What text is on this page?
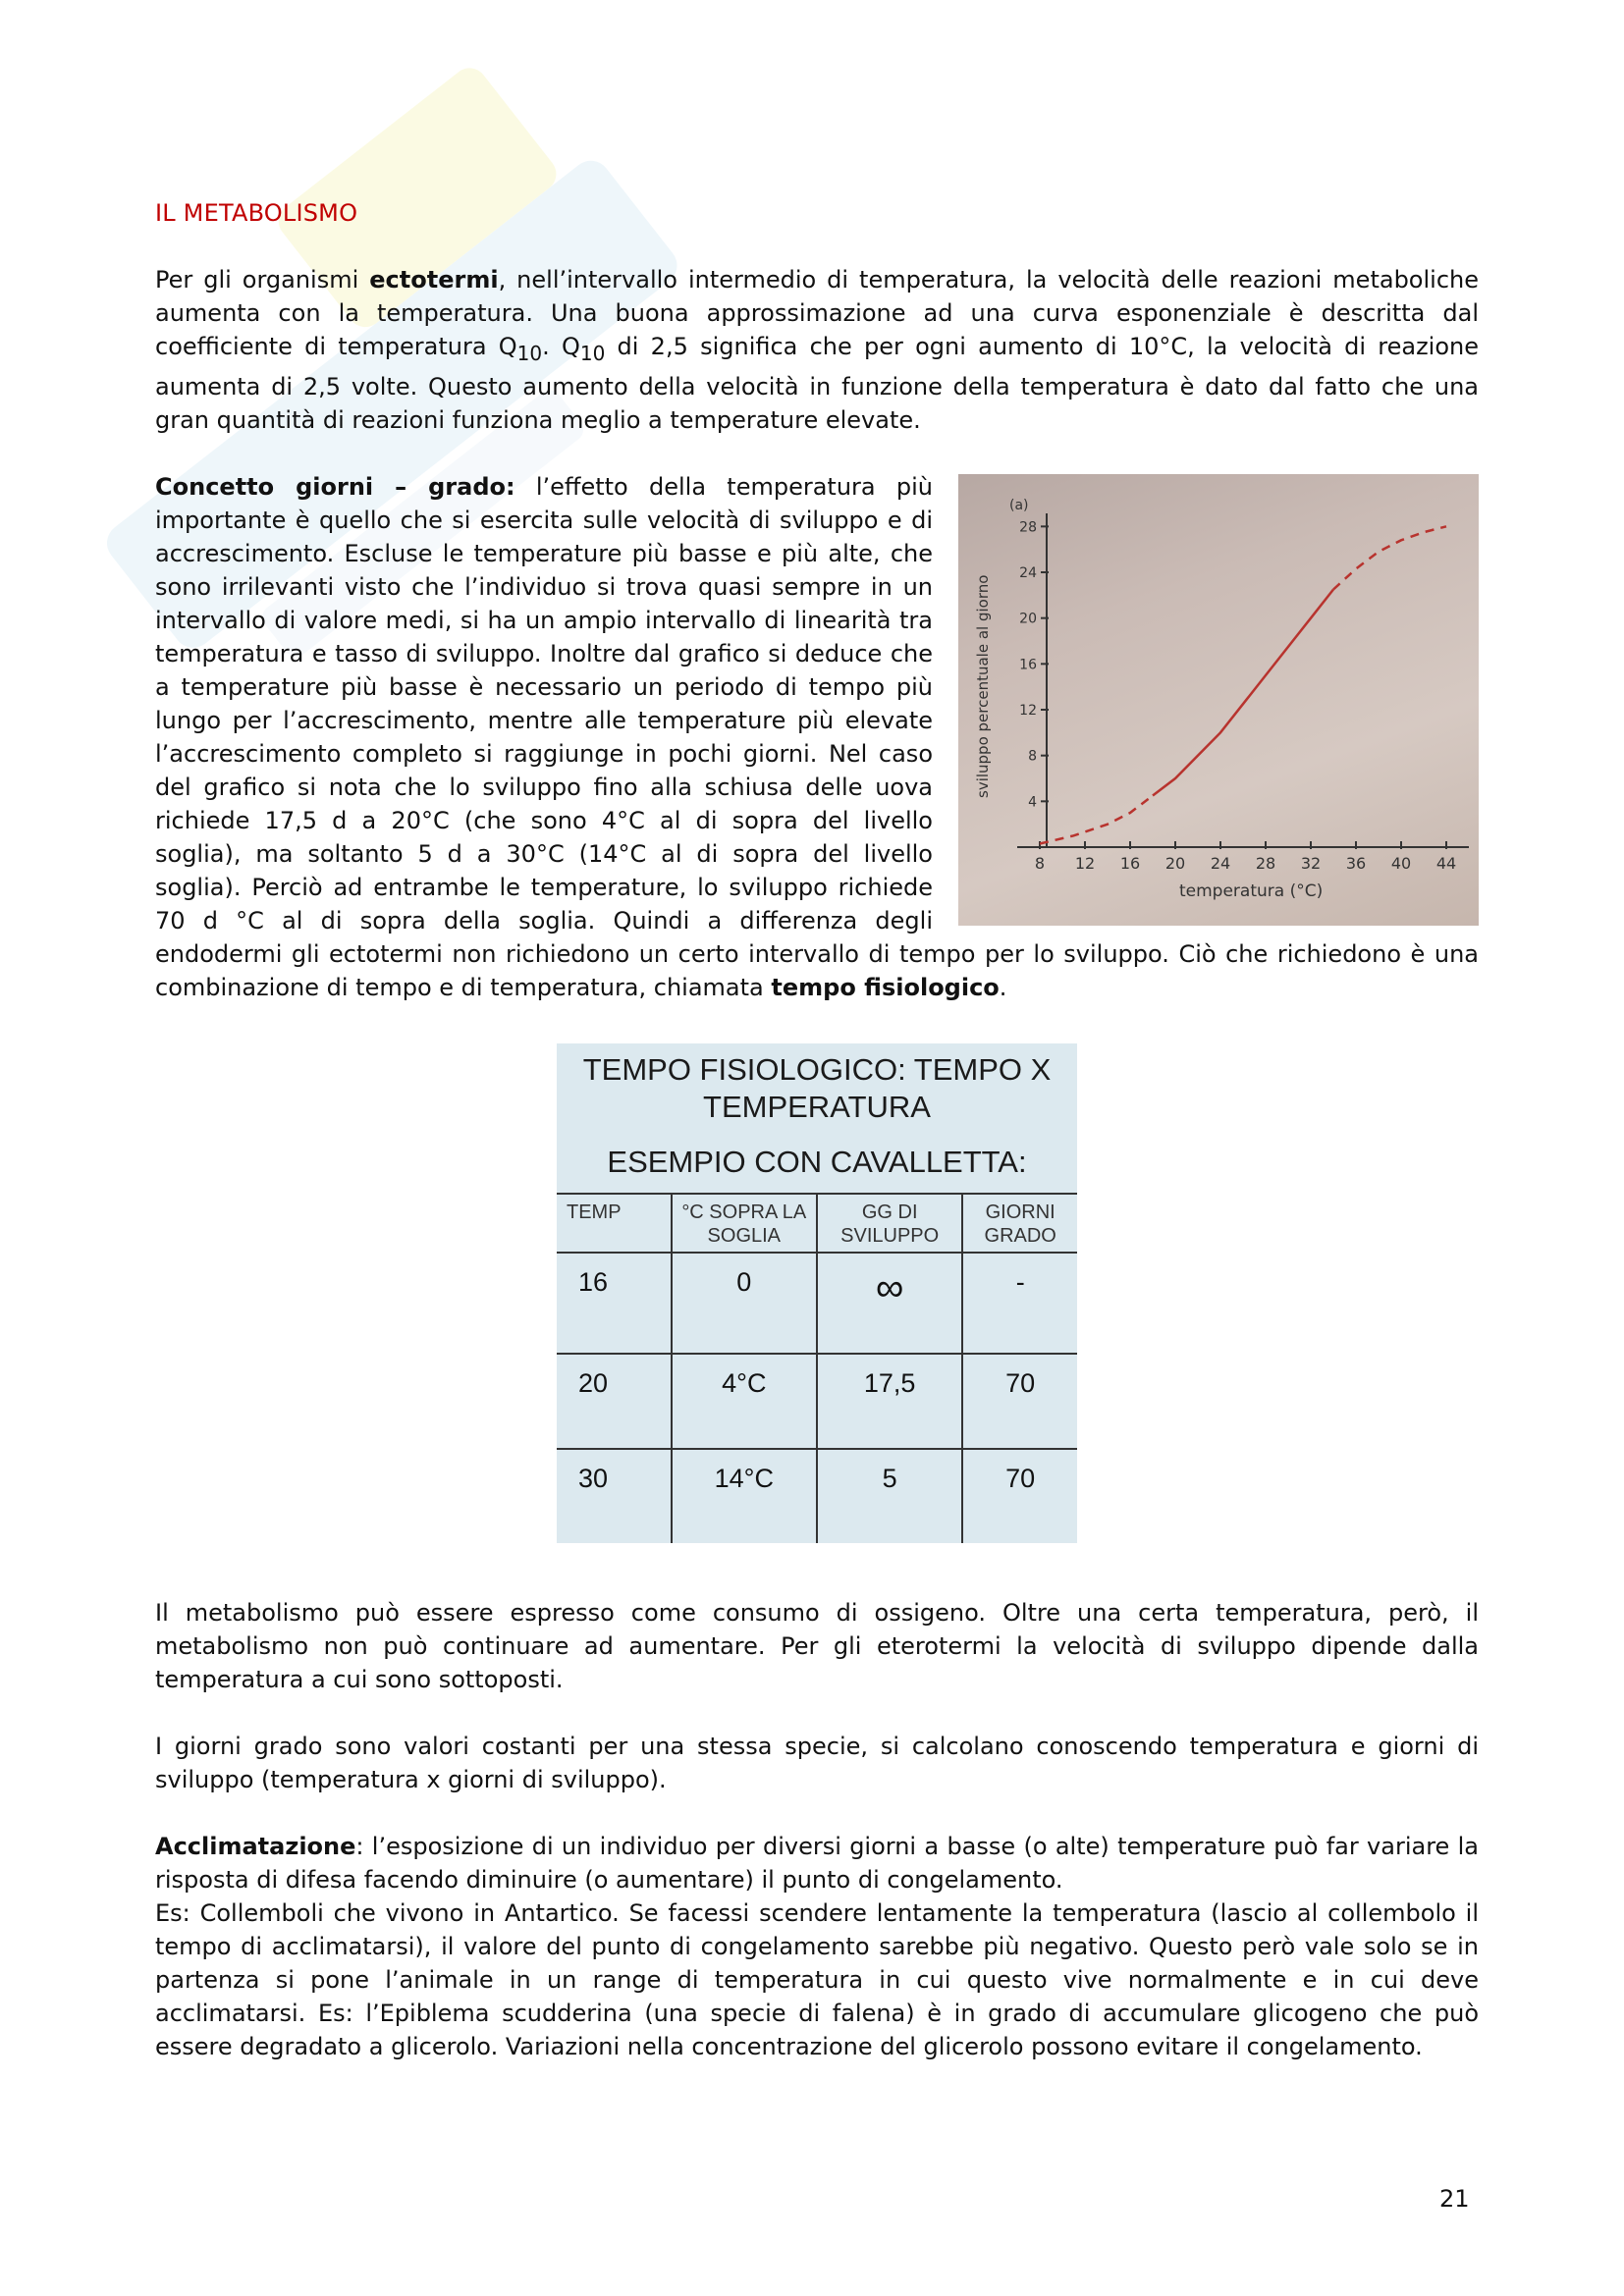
IL METABOLISMO

Per gli organismi ectotermi, nell’intervallo intermedio di temperatura, la velocità delle reazioni metaboliche aumenta con la temperatura. Una buona approssimazione ad una curva esponenziale è descritta dal coefficiente di temperatura $Q_{10}$. $Q_{10}$ di 2,5 significa che per ogni aumento di 10°C, la velocità di reazione aumenta di 2,5 volte. Questo aumento della velocità in funzione della temperatura è dato dal fatto che una gran quantità di reazioni funziona meglio a temperature elevate.

(a)
sviluppo percentuale al giorno
temperatura (°C)
28
24
20
16
12
8
4
8 12 16 20 24 28 32 36 40 44

Concetto giorni – grado: l’effetto della temperatura più importante è quello che si esercita sulle velocità di sviluppo e di accrescimento. Escluse le temperature più basse e più alte, che sono irrilevanti visto che l’individuo si trova quasi sempre in un intervallo di valore medi, si ha un ampio intervallo di linearità tra temperatura e tasso di sviluppo. Inoltre dal grafico si deduce che a temperature più basse è necessario un periodo di tempo più lungo per l’accrescimento, mentre alle temperature più elevate l’accrescimento completo si raggiunge in pochi giorni. Nel caso del grafico si nota che lo sviluppo fino alla schiusa delle uova richiede 17,5 d a 20°C (che sono 4°C al di sopra del livello soglia), ma soltanto 5 d a 30°C (14°C al di sopra del livello soglia). Perciò ad entrambe le temperature, lo sviluppo richiede 70 d °C al di sopra della soglia. Quindi a differenza degli endodermi gli ectotermi non richiedono un certo intervallo di tempo per lo sviluppo. Ciò che richiedono è una combinazione di tempo e di temperatura, chiamata tempo fisiologico.

TEMPO FISIOLOGICO: TEMPO X TEMPERATURA
ESEMPIO CON CAVALLETTA:
TEMP	°C SOPRA LA SOGLIA	GG DI SVILUPPO	GIORNI GRADO
16	0	∞	-
20	4°C	17,5	70
30	14°C	5	70

Il metabolismo può essere espresso come consumo di ossigeno. Oltre una certa temperatura, però, il metabolismo non può continuare ad aumentare. Per gli eterotermi la velocità di sviluppo dipende dalla temperatura a cui sono sottoposti.

I giorni grado sono valori costanti per una stessa specie, si calcolano conoscendo temperatura e giorni di sviluppo (temperatura x giorni di sviluppo).

Acclimatazione: l’esposizione di un individuo per diversi giorni a basse (o alte) temperature può far variare la risposta di difesa facendo diminuire (o aumentare) il punto di congelamento.

Es: Collemboli che vivono in Antartico. Se facessi scendere lentamente la temperatura (lascio al collembolo il tempo di acclimatarsi), il valore del punto di congelamento sarebbe più negativo. Questo però vale solo se in partenza si pone l’animale in un range di temperatura in cui questo vive normalmente e in cui deve acclimatarsi. Es: l’Epiblema scudderina (una specie di falena) è in grado di accumulare glicogeno che può essere degradato a glicerolo. Variazioni nella concentrazione del glicerolo possono evitare il congelamento.

21
